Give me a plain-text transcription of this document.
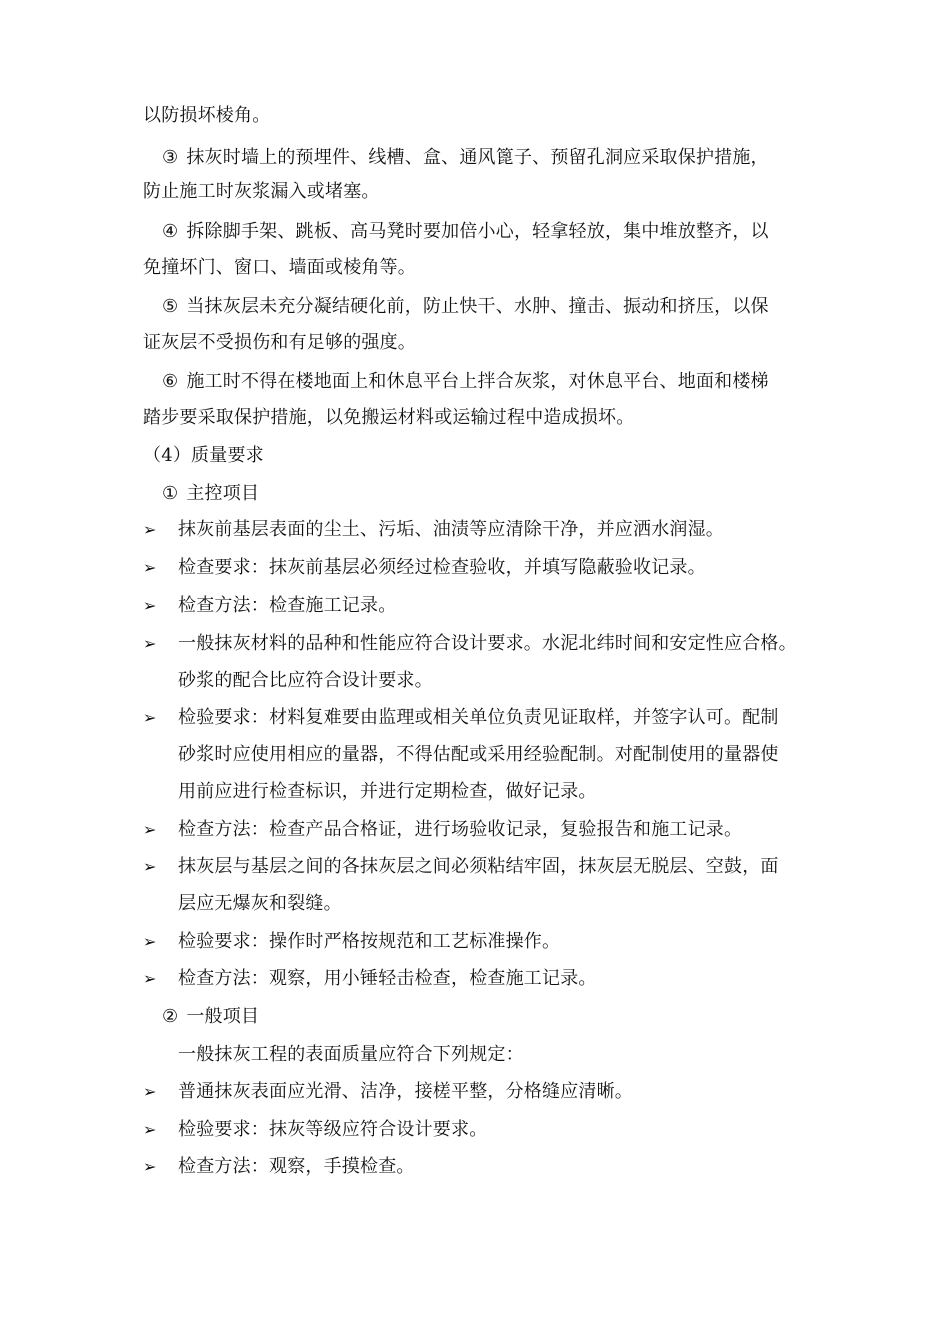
以防损坏棱角。
③ 抹灰时墙上的预埋件、线槽、盒、通风篦子、预留孔洞应采取保护措施，
防止施工时灰浆漏入或堵塞。
④ 拆除脚手架、跳板、高马凳时要加倍小心，轻拿轻放，集中堆放整齐，以
免撞坏门、窗口、墙面或棱角等。
⑤ 当抹灰层未充分凝结硬化前，防止快干、水肿、撞击、振动和挤压，以保
证灰层不受损伤和有足够的强度。
⑥ 施工时不得在楼地面上和休息平台上拌合灰浆，对休息平台、地面和楼梯
踏步要采取保护措施，以免搬运材料或运输过程中造成损坏。
（4）质量要求
① 主控项目
➢ 抹灰前基层表面的尘土、污垢、油渍等应清除干净，并应洒水润湿。
➢ 检查要求：抹灰前基层必须经过检查验收，并填写隐蔽验收记录。
➢ 检查方法：检查施工记录。
➢ 一般抹灰材料的品种和性能应符合设计要求。水泥北纬时间和安定性应合格。
砂浆的配合比应符合设计要求。
➢ 检验要求：材料复难要由监理或相关单位负责见证取样，并签字认可。配制
砂浆时应使用相应的量器，不得估配或采用经验配制。对配制使用的量器使
用前应进行检查标识，并进行定期检查，做好记录。
➢ 检查方法：检查产品合格证，进行场验收记录，复验报告和施工记录。
➢ 抹灰层与基层之间的各抹灰层之间必须粘结牢固，抹灰层无脱层、空鼓，面
层应无爆灰和裂缝。
➢ 检验要求：操作时严格按规范和工艺标准操作。
➢ 检查方法：观察，用小锤轻击检查，检查施工记录。
② 一般项目
一般抹灰工程的表面质量应符合下列规定：
➢ 普通抹灰表面应光滑、洁净，接槎平整，分格缝应清晰。
➢ 检验要求：抹灰等级应符合设计要求。
➢ 检查方法：观察，手摸检查。
